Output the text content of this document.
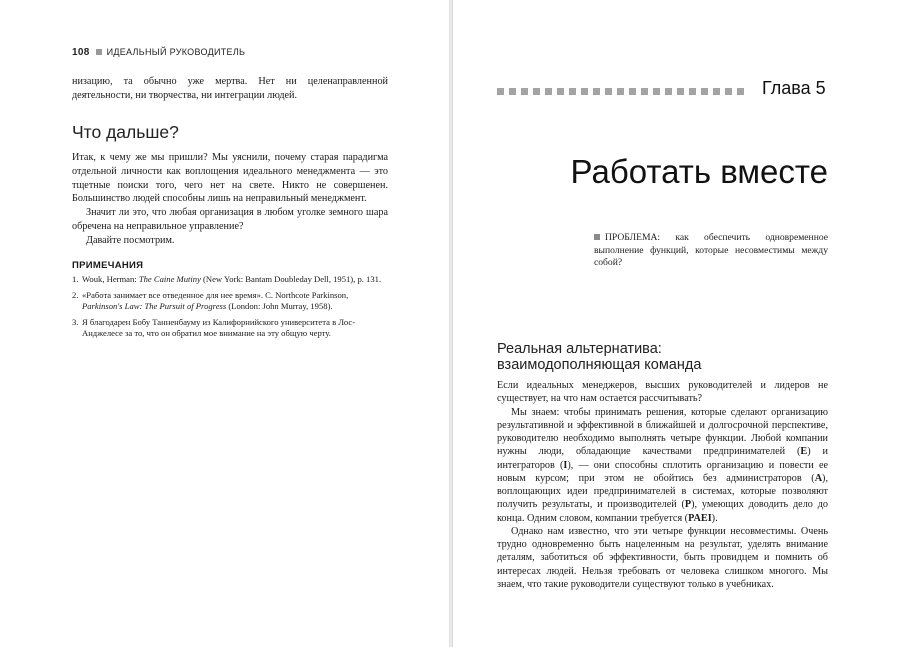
108 ИДЕАЛЬНЫЙ РУКОВОДИТЕЛЬ

низацию, та обычно уже мертва. Нет ни целенаправленной деятельности, ни творчества, ни интеграции людей.

Что дальше?

Итак, к чему же мы пришли? Мы уяснили, почему старая парадигма отдельной личности как воплощения идеального менеджмента — это тщетные поиски того, чего нет на свете. Никто не совершенен. Большинство людей способны лишь на неправильный менеджмент.

Значит ли это, что любая организация в любом уголке земного шара обречена на неправильное управление?

Давайте посмотрим.

ПРИМЕЧАНИЯ
1. Wouk, Herman: The Caine Mutiny (New York: Bantam Doubleday Dell, 1951), р. 131.
2. «Работа занимает все отведенное для нее время». C. Northcote Parkinson, Parkinson's Law: The Pursuit of Progress (London: John Murray, 1958).
3. Я благодарен Бобу Танненбауму из Калифорнийского университета в Лос-Анджелесе за то, что он обратил мое внимание на эту общую черту.
Глава 5
Работать вместе
ПРОБЛЕМА: как обеспечить одновременное выполнение функций, которые несовместимы между собой?
Реальная альтернатива:
взаимодополняющая команда

Если идеальных менеджеров, высших руководителей и лидеров не существует, на что нам остается рассчитывать?

Мы знаем: чтобы принимать решения, которые сделают организацию результативной и эффективной в ближайшей и долгосрочной перспективе, руководителю необходимо выполнять четыре функции. Любой компании нужны люди, обладающие качествами предпринимателей (E) и интеграторов (I), — они способны сплотить организацию и повести ее новым курсом; при этом не обойтись без администраторов (A), воплощающих идеи предпринимателей в системах, которые позволяют получить результаты, и производителей (P), умеющих доводить дело до конца. Одним словом, компании требуется (PAEI).

Однако нам известно, что эти четыре функции несовместимы. Очень трудно одновременно быть нацеленным на результат, уделять внимание деталям, заботиться об эффективности, быть провидцем и помнить об интересах людей. Нельзя требовать от человека слишком многого. Мы знаем, что такие руководители существуют только в учебниках.
